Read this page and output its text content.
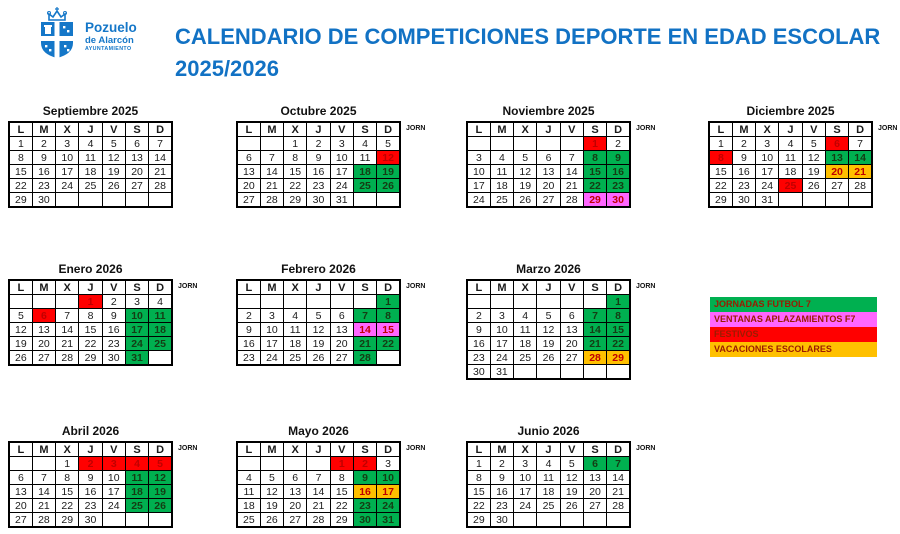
Pozuelo
de Alarcón
AYUNTAMIENTO
CALENDARIO DE COMPETICIONES DEPORTE EN EDAD ESCOLAR 2025/2026
Septiembre 2025
L	M	X	J	V	S	D
1	2	3	4	5	6	7
8	9	10	11	12	13	14
15	16	17	18	19	20	21
22	23	24	25	26	27	28
29	30					
Octubre 2025
L	M	X	J	V	S	D
		1	2	3	4	5
6	7	8	9	10	11	12
13	14	15	16	17	18	19
20	21	22	23	24	25	26
27	28	29	30	31		
JORN
Noviembre 2025
L	M	X	J	V	S	D
					1	2
3	4	5	6	7	8	9
10	11	12	13	14	15	16
17	18	19	20	21	22	23
24	25	26	27	28	29	30
JORN
Diciembre 2025
L	M	X	J	V	S	D
1	2	3	4	5	6	7
8	9	10	11	12	13	14
15	16	17	18	19	20	21
22	23	24	25	26	27	28
29	30	31				
JORN
Enero 2026
L	M	X	J	V	S	D
			1	2	3	4
5	6	7	8	9	10	11
12	13	14	15	16	17	18
19	20	21	22	23	24	25
26	27	28	29	30	31	
JORN
Febrero 2026
L	M	X	J	V	S	D
						1
2	3	4	5	6	7	8
9	10	11	12	13	14	15
16	17	18	19	20	21	22
23	24	25	26	27	28	
JORN
Marzo 2026
L	M	X	J	V	S	D
						1
2	3	4	5	6	7	8
9	10	11	12	13	14	15
16	17	18	19	20	21	22
23	24	25	26	27	28	29
30	31					
JORN
Abril 2026
L	M	X	J	V	S	D
		1	2	3	4	5
6	7	8	9	10	11	12
13	14	15	16	17	18	19
20	21	22	23	24	25	26
27	28	29	30			
JORN
Mayo 2026
L	M	X	J	V	S	D
				1	2	3
4	5	6	7	8	9	10
11	12	13	14	15	16	17
18	19	20	21	22	23	24
25	26	27	28	29	30	31
JORN
Junio 2026
L	M	X	J	V	S	D
1	2	3	4	5	6	7
8	9	10	11	12	13	14
15	16	17	18	19	20	21
22	23	24	25	26	27	28
29	30					
JORN
JORNADAS FUTBOL 7
VENTANAS APLAZAMIENTOS F7
FESTIVOS
VACACIONES ESCOLARES
